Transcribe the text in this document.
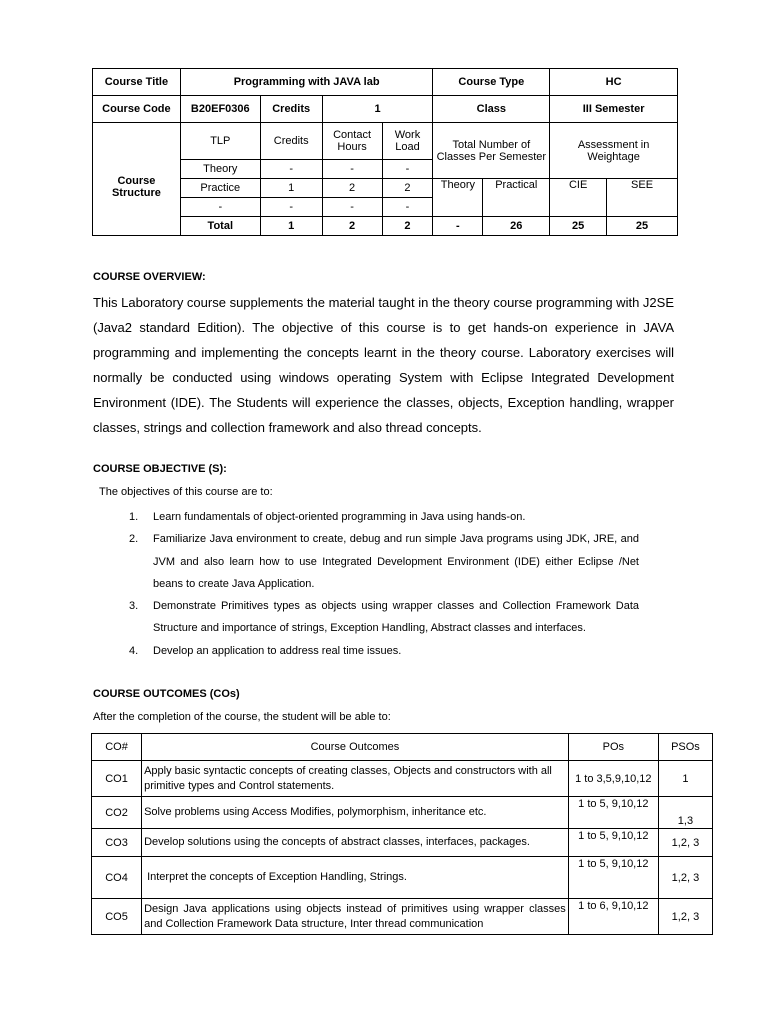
Course Title	Programming with JAVA lab				Course Type		HC	
Course Code	B20EF0306	Credits	1		Class		III Semester	
Course Structure	TLP	Credits	Contact Hours	Work Load	Total Number of Classes Per Semester		Assessment in Weightage	
	Theory	-	-	-				
	Practice	1	2	2	Theory	Practical	CIE	SEE
	-	-	-	-				
	Total	1	2	2	-	26	25	25
COURSE OVERVIEW:
This Laboratory course supplements the material taught in the theory course programming with J2SE (Java2 standard Edition). The objective of this course is to get hands-on experience in JAVA programming and implementing the concepts learnt in the theory course. Laboratory exercises will normally be conducted using windows operating System with Eclipse Integrated Development Environment (IDE). The Students will experience the classes, objects, Exception handling, wrapper classes, strings and collection framework and also thread concepts.
COURSE OBJECTIVE (S):
The objectives of this course are to:
1. Learn fundamentals of object-oriented programming in Java using hands-on.
2. Familiarize Java environment to create, debug and run simple Java programs using JDK, JRE, and JVM and also learn how to use Integrated Development Environment (IDE) either Eclipse /Net beans to create Java Application.
3. Demonstrate Primitives types as objects using wrapper classes and Collection Framework Data Structure and importance of strings, Exception Handling, Abstract classes and interfaces.
4. Develop an application to address real time issues.
COURSE OUTCOMES (COs)
After the completion of the course, the student will be able to:
CO#	Course Outcomes	POs	PSOs
CO1	Apply basic syntactic concepts of creating classes, Objects and constructors with all primitive types and Control statements.	1 to 3,5,9,10,12	1
CO2	Solve problems using Access Modifies, polymorphism, inheritance etc.	1 to 5, 9,10,12	1,3
CO3	Develop solutions using the concepts of abstract classes, interfaces, packages.	1 to 5, 9,10,12	1,2, 3
CO4	Interpret the concepts of Exception Handling, Strings.	1 to 5, 9,10,12	1,2, 3
CO5	Design Java applications using objects instead of primitives using wrapper classes and Collection Framework Data structure, Inter thread communication	1 to 6, 9,10,12	1,2, 3
